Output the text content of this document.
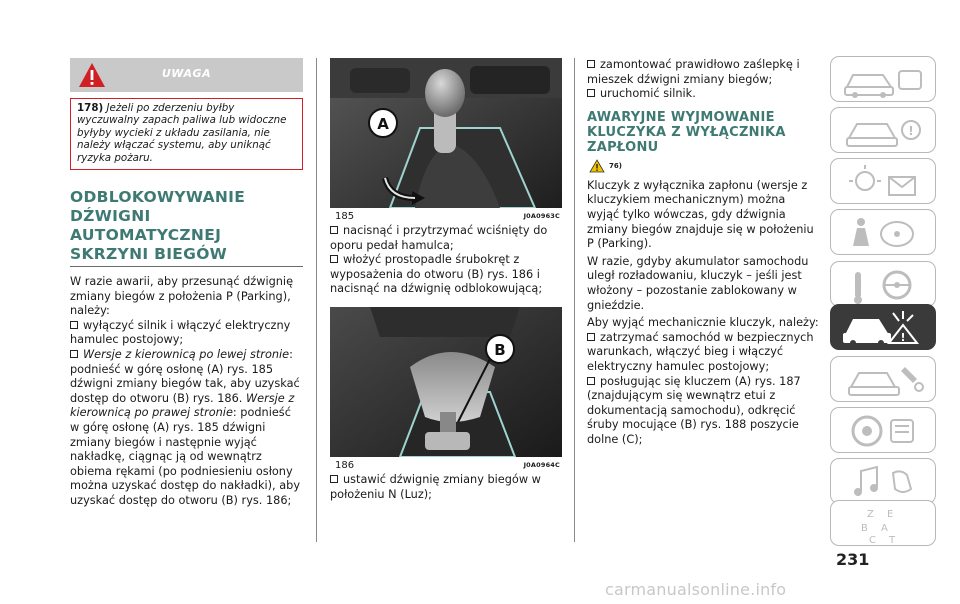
UWAGA
178) Jeżeli po zderzeniu byłby wyczuwalny zapach paliwa lub widoczne byłyby wycieki z układu zasilania, nie należy włączać systemu, aby uniknąć ryzyka pożaru.
ODBLOKOWYWANIE DŹWIGNI AUTOMATYCZNEJ SKRZYNI BIEGÓW

W razie awarii, aby przesunąć dźwignię zmiany biegów z położenia P (Parking), należy:

wyłączyć silnik i włączyć elektryczny hamulec postojowy;

Wersje z kierownicą po lewej stronie: podnieść w górę osłonę (A) rys. 185 dźwigni zmiany biegów tak, aby uzyskać dostęp do otworu (B) rys. 186. Wersje z kierownicą po prawej stronie: podnieść w górę osłonę (A) rys. 185 dźwigni zmiany biegów i następnie wyjąć nakładkę, ciągnąc ją od wewnątrz obiema rękami (po podniesieniu osłony można uzyskać dostęp do nakładki), aby uzyskać dostęp do otworu (B) rys. 186;

A
185	J0A0963C

nacisnąć i przytrzymać wciśnięty do oporu pedał hamulca;

włożyć prostopadle śrubokręt z wyposażenia do otworu (B) rys. 186 i nacisnąć na dźwignię odblokowującą;

B
186	J0A0964C

ustawić dźwignię zmiany biegów w położeniu N (Luz);

zamontować prawidłowo zaślepkę i mieszek dźwigni zmiany biegów;

uruchomić silnik.

AWARYJNE WYJMOWANIE KLUCZYKA Z WYŁĄCZNIKA ZAPŁONU
76)

Kluczyk z wyłącznika zapłonu (wersje z kluczykiem mechanicznym) można wyjąć tylko wówczas, gdy dźwignia zmiany biegów znajduje się w położeniu P (Parking).

W razie, gdyby akumulator samochodu uległ rozładowaniu, kluczyk – jeśli jest włożony – pozostanie zablokowany w gnieździe.

Aby wyjąć mechanicznie kluczyk, należy:

zatrzymać samochód w bezpiecznych warunkach, włączyć bieg i włączyć elektryczny hamulec postojowy;

posługując się kluczem (A) rys. 187 (znajdującym się wewnątrz etui z dokumentacją samochodu), odkręcić śruby mocujące (B) rys. 188 poszycie dolne (C);

!
!
Z E
B A
C T
231
carmanualsonline.info
